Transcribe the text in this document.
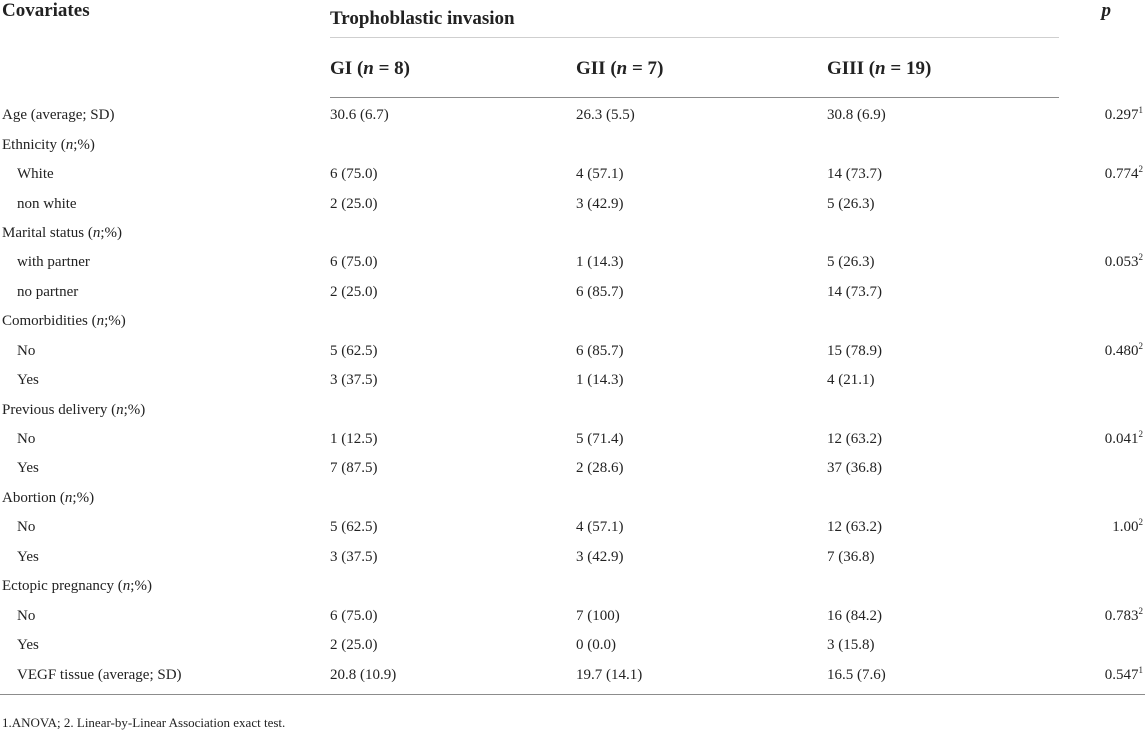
Covariates	Trophoblastic invasion			p
	GI (n = 8)	GII (n = 7)	GIII (n = 19)	
Age (average; SD)	30.6 (6.7)	26.3 (5.5)	30.8 (6.9)	0.297$^1$
Ethnicity (n;%)				
White	6 (75.0)	4 (57.1)	14 (73.7)	0.774$^2$
non white	2 (25.0)	3 (42.9)	5 (26.3)	
Marital status (n;%)				
with partner	6 (75.0)	1 (14.3)	5 (26.3)	0.053$^2$
no partner	2 (25.0)	6 (85.7)	14 (73.7)	
Comorbidities (n;%)				
No	5 (62.5)	6 (85.7)	15 (78.9)	0.480$^2$
Yes	3 (37.5)	1 (14.3)	4 (21.1)	
Previous delivery (n;%)				
No	1 (12.5)	5 (71.4)	12 (63.2)	0.041$^2$
Yes	7 (87.5)	2 (28.6)	37 (36.8)	
Abortion (n;%)				
No	5 (62.5)	4 (57.1)	12 (63.2)	1.00$^2$
Yes	3 (37.5)	3 (42.9)	7 (36.8)	
Ectopic pregnancy (n;%)				
No	6 (75.0)	7 (100)	16 (84.2)	0.783$^2$
Yes	2 (25.0)	0 (0.0)	3 (15.8)	
VEGF tissue (average; SD)	20.8 (10.9)	19.7 (14.1)	16.5 (7.6)	0.547$^1$
1.ANOVA; 2. Linear-by-Linear Association exact test.
